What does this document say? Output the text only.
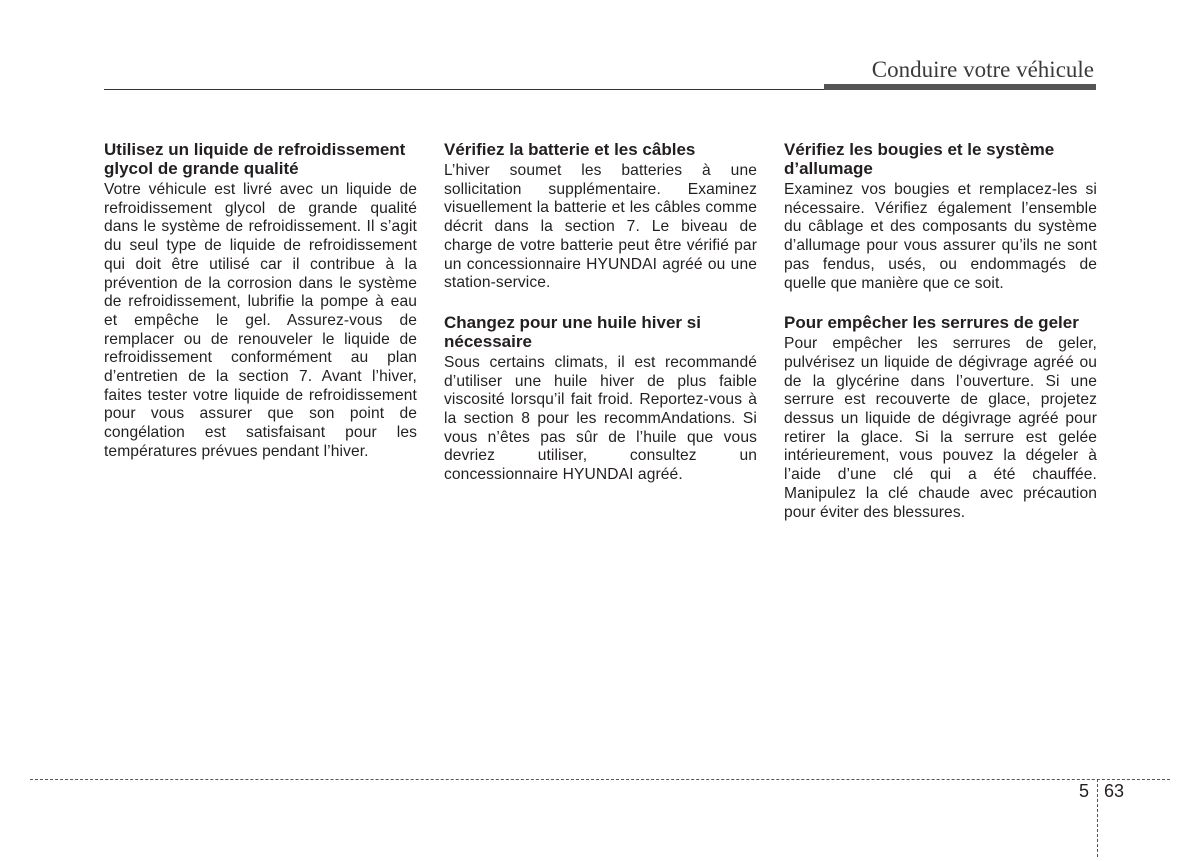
Conduire votre véhicule
Utilisez un liquide de refroidissement glycol de grande qualité

Votre véhicule est livré avec un liquide de refroidissement glycol de grande qualité dans le système de refroidissement. Il s’agit du seul type de liquide de refroidissement qui doit être utilisé car il contribue à la prévention de la corrosion dans le système de refroidissement, lubrifie la pompe à eau et empêche le gel. Assurez-vous de remplacer ou de renouveler le liquide de refroidissement conformément au plan d’entretien de la section 7. Avant l’hiver, faites tester votre liquide de refroidissement pour vous assurer que son point de congélation est satisfaisant pour les températures prévues pendant l’hiver.

Vérifiez la batterie et les câbles

L’hiver soumet les batteries à une sollicitation supplémentaire. Examinez visuellement la batterie et les câbles comme décrit dans la section 7. Le biveau de charge de votre batterie peut être vérifié par un concessionnaire HYUNDAI agréé ou une station-service.

Changez pour une huile hiver si nécessaire

Sous certains climats, il est recommandé d’utiliser une huile hiver de plus faible viscosité lorsqu’il fait froid. Reportez-vous à la section 8 pour les recommAndations. Si vous n’êtes pas sûr de l’huile que vous devriez utiliser, consultez un concessionnaire HYUNDAI agréé.

Vérifiez les bougies et le système d’allumage

Examinez vos bougies et remplacez-les si nécessaire. Vérifiez également l’ensemble du câblage et des composants du système d’allumage pour vous assurer qu’ils ne sont pas fendus, usés, ou endommagés de quelle que manière que ce soit.

Pour empêcher les serrures de geler

Pour empêcher les serrures de geler, pulvérisez un liquide de dégivrage agréé ou de la glycérine dans l’ouverture. Si une serrure est recouverte de glace, projetez dessus un liquide de dégivrage agréé pour retirer la glace. Si la serrure est gelée intérieurement, vous pouvez la dégeler à l’aide d’une clé qui a été chauffée. Manipulez la clé chaude avec précaution pour éviter des blessures.

5 63
